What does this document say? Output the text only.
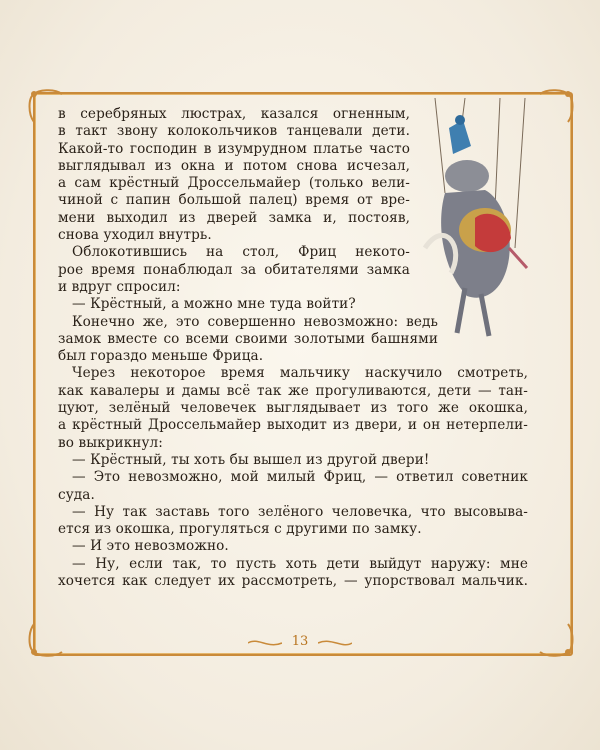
в серебряных люстрах, казался огненным,
в такт звону колокольчиков танцевали дети.
Какой-то господин в изумрудном платье часто
выглядывал из окна и потом снова исчезал,
а сам крёстный Дроссельмайер (только вели-
чиной с папин большой палец) время от вре-
мени выходил из дверей замка и, постояв,
снова уходил внутрь.
Облокотившись на стол, Фриц некото-
рое время понаблюдал за обитателями замка
и вдруг спросил:
— Крёстный, а можно мне туда войти?
Конечно же, это совершенно невозможно: ведь
замок вместе со всеми своими золотыми башнями
был гораздо меньше Фрица.
Через некоторое время мальчику наскучило смотреть,
как кавалеры и дамы всё так же прогуливаются, дети — тан-
цуют, зелёный человечек выглядывает из того же окошка,
а крёстный Дроссельмайер выходит из двери, и он нетерпели-
во выкрикнул:
— Крёстный, ты хоть бы вышел из другой двери!
— Это невозможно, мой милый Фриц, — ответил советник
суда.
— Ну так заставь того зелёного человечка, что высовыва-
ется из окошка, прогуляться с другими по замку.
— И это невозможно.
— Ну, если так, то пусть хоть дети выйдут наружу: мне
хочется как следует их рассмотреть, — упорствовал мальчик.
13
